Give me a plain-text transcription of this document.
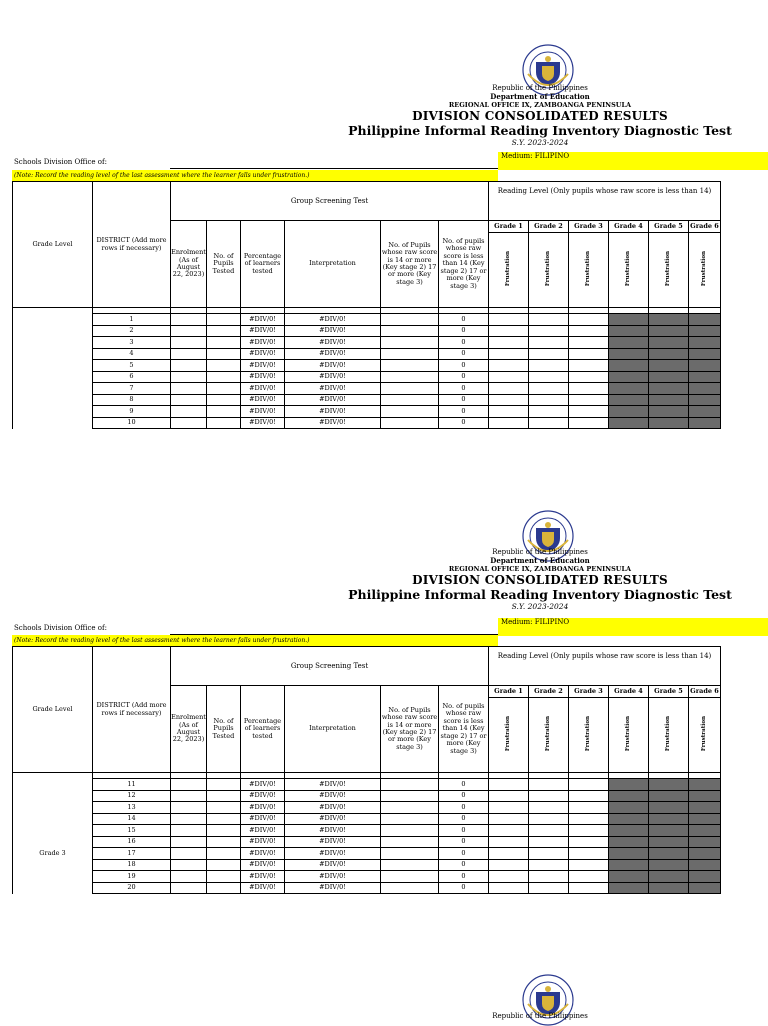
Republic of the Philippines
Department of Education
REGIONAL OFFICE IX, ZAMBOANGA PENINSULA
DIVISION CONSOLIDATED RESULTS
Philippine Informal Reading Inventory Diagnostic Test
S.Y. 2023-2024
Schools Division Office of:
Medium: FILIPINO
(Note: Record the reading level of the last assessment where the learner falls under frustration.)
Grade Level	DISTRICT (Add more rows if necessary)	Group Screening Test						Reading Level (Only pupils whose raw score is less than 14)					
		Enrolment (As of August 22, 2023)	No. of Pupils Tested	Percentage of learners tested	Interpretation	No. of Pupils whose raw score is 14 or more (Key stage 2) 17 or more (Key stage 3)	No. of pupils whose raw score is less than 14 (Key stage 2) 17 or more (Key stage 3)	Grade 1	Grade 2	Grade 3	Grade 4	Grade 5	Grade 6
								Frustration	Frustration	Frustration	Frustration	Frustration	Frustration

	1			#DIV/0!	#DIV/0!		0						
	2			#DIV/0!	#DIV/0!		0						
	3			#DIV/0!	#DIV/0!		0						
	4			#DIV/0!	#DIV/0!		0						
	5			#DIV/0!	#DIV/0!		0						
	6			#DIV/0!	#DIV/0!		0						
	7			#DIV/0!	#DIV/0!		0						
	8			#DIV/0!	#DIV/0!		0						
	9			#DIV/0!	#DIV/0!		0						
	10			#DIV/0!	#DIV/0!		0						
Republic of the Philippines
Department of Education
REGIONAL OFFICE IX, ZAMBOANGA PENINSULA
DIVISION CONSOLIDATED RESULTS
Philippine Informal Reading Inventory Diagnostic Test
S.Y. 2023-2024
Schools Division Office of:
Medium: FILIPINO
(Note: Record the reading level of the last assessment where the learner falls under frustration.)
Grade Level	DISTRICT (Add more rows if necessary)	Group Screening Test						Reading Level (Only pupils whose raw score is less than 14)					
		Enrolment (As of August 22, 2023)	No. of Pupils Tested	Percentage of learners tested	Interpretation	No. of Pupils whose raw score is 14 or more (Key stage 2) 17 or more (Key stage 3)	No. of pupils whose raw score is less than 14 (Key stage 2) 17 or more (Key stage 3)	Grade 1	Grade 2	Grade 3	Grade 4	Grade 5	Grade 6
								Frustration	Frustration	Frustration	Frustration	Frustration	Frustration

	11			#DIV/0!	#DIV/0!		0						
	12			#DIV/0!	#DIV/0!		0						
	13			#DIV/0!	#DIV/0!		0						
	14			#DIV/0!	#DIV/0!		0						
	15			#DIV/0!	#DIV/0!		0						
	16			#DIV/0!	#DIV/0!		0						
Grade 3	17			#DIV/0!	#DIV/0!		0						
	18			#DIV/0!	#DIV/0!		0						
	19			#DIV/0!	#DIV/0!		0						
	20			#DIV/0!	#DIV/0!		0						
Republic of the Philippines
